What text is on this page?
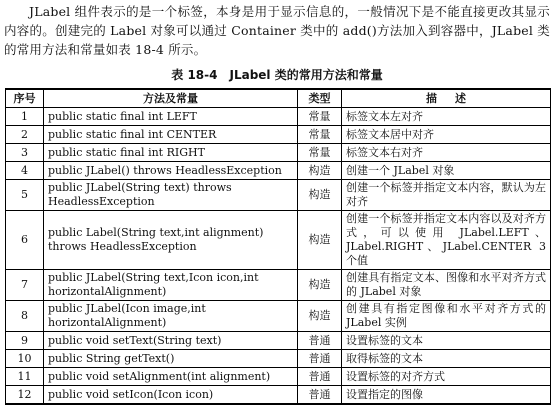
JLabel 组件表示的是一个标签，本身是用于显示信息的，一般情况下是不能直接更改其显示内容的。创建完的 Label 对象可以通过 Container 类中的 add()方法加入到容器中，JLabel 类的常用方法和常量如表 18-4 所示。
表 18-4　JLabel 类的常用方法和常量
序号	方法及常量	类型	描述
1	public static final int LEFT	常量	标签文本左对齐
2	public static final int CENTER	常量	标签文本居中对齐
3	public static final int RIGHT	常量	标签文本右对齐
4	public JLabel() throws HeadlessException	构造	创建一个 JLabel 对象
5	public JLabel(String text) throws HeadlessException	构造	创建一个标签并指定文本内容，默认为左对齐
6	public Label(String text,int alignment) throws HeadlessException	构造	创建一个标签并指定文本内容以及对齐方式，可以使用 JLabel.LEFT、JLabel.RIGHT、JLabel.CENTER 3 个值
7	public JLabel(String text,Icon icon,int horizontalAlignment)	构造	创建具有指定文本、图像和水平对齐方式的 JLabel 对象
8	public JLabel(Icon image,int horizontalAlignment)	构造	创建具有指定图像和水平对齐方式的 JLabel 实例
9	public void setText(String text)	普通	设置标签的文本
10	public String getText()	普通	取得标签的文本
11	public void setAlignment(int alignment)	普通	设置标签的对齐方式
12	public void setIcon(Icon icon)	普通	设置指定的图像
